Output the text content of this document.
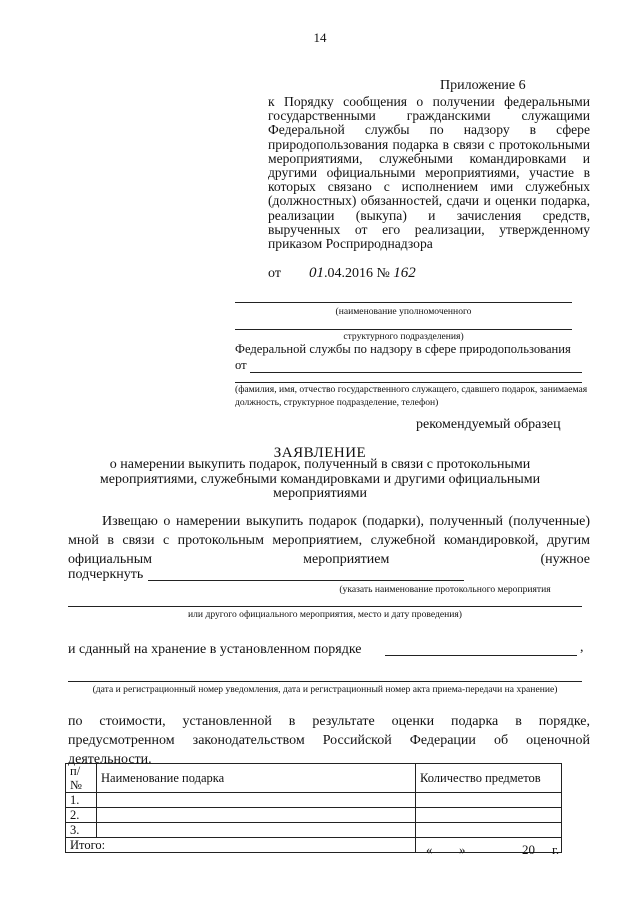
14
Приложение 6
к Порядку сообщения о получении федеральными государственными гражданскими служащими Федеральной службы по надзору в сфере природопользования подарка в связи с протокольными мероприятиями, служебными командировками и другими официальными мероприятиями, участие в которых связано с исполнением ими служебных (должностных) обязанностей, сдачи и оценки подарка, реализации (выкупа) и зачисления средств, вырученных от его реализации, утвержденному приказом Росприроднадзора
от 01.04.2016 № 162
(наименование уполномоченного
структурного подразделения)
Федеральной службы по надзору в сфере природопользования
от
(фамилия, имя, отчество государственного служащего, сдавшего подарок, занимаемая должность, структурное подразделение, телефон)
рекомендуемый образец
ЗАЯВЛЕНИЕ
о намерении выкупить подарок, полученный в связи с протокольными мероприятиями, служебными командировками и другими официальными мероприятиями
Извещаю о намерении выкупить подарок (подарки), полученный (полученные) мной в связи с протокольным мероприятием, служебной командировкой, другим официальным мероприятием (нужное
подчеркнуть
(указать наименование протокольного мероприятия
или другого официального мероприятия, место и дату проведения)
и сданный на хранение в установленном порядке	,
(дата и регистрационный номер уведомления, дата и регистрационный номер акта приема-передачи на хранение)
по стоимости, установленной в результате оценки подарка в порядке, предусмотренном законодательством Российской Федерации об оценочной деятельности.
п/№	Наименование подарка	Количество предметов
1.		
2.		
3.		
Итого:			« »	20 г.
